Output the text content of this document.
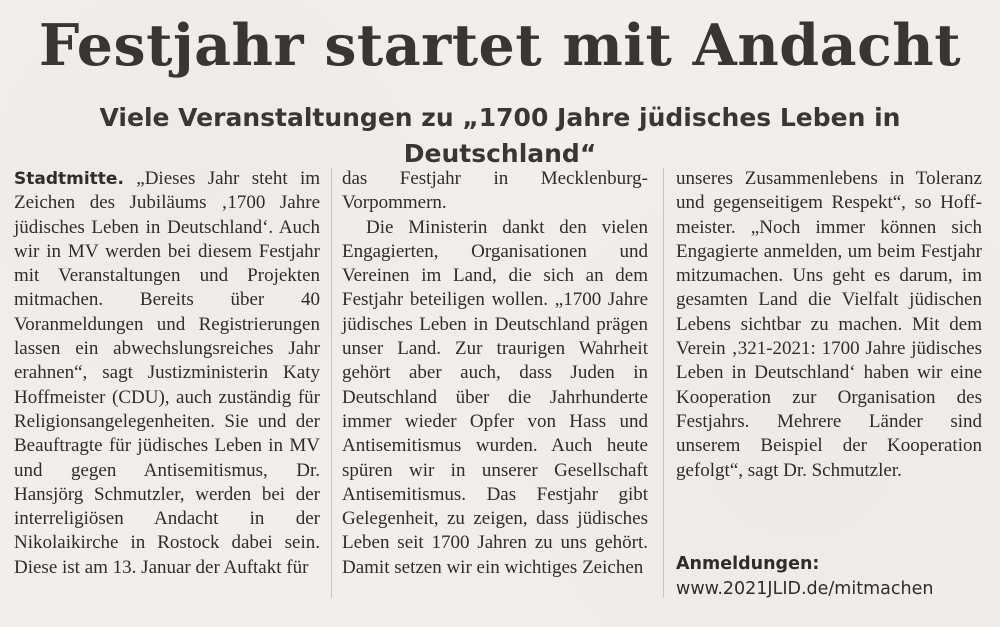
Festjahr startet mit Andacht
Viele Veranstaltungen zu „1700 Jahre jüdisches Leben in Deutschland“

Stadtmitte. „Dieses Jahr steht im Zeichen des Jubiläums ‚1700 Jahre jüdisches Leben in Deutschland‘. Auch wir in MV werden bei diesem Festjahr mit Veranstaltungen und Projekten mitmachen. Bereits über 40 Voranmeldungen und Registrierungen lassen ein abwechslungsreiches Jahr erahnen“, sagt Justizministerin Katy Hoffmeister (CDU), auch zuständig für Religionsangelegenheiten. Sie und der Beauftragte für jüdisches Leben in MV und gegen Antisemitismus, Dr. Hansjörg Schmutzler, werden bei der interreligiösen Andacht in der Nikolaikirche in Rostock dabei sein. Diese ist am 13. Januar der Auftakt für

das Festjahr in Mecklenburg-Vorpommern.

Die Ministerin dankt den vielen Engagierten, Organisationen und Vereinen im Land, die sich an dem Festjahr beteiligen wollen. „1700 Jahre jüdisches Leben in Deutschland prägen unser Land. Zur traurigen Wahrheit gehört aber auch, dass Juden in Deutschland über die Jahrhunderte immer wieder Opfer von Hass und Antisemitismus wurden. Auch heute spüren wir in unserer Gesellschaft Antisemitismus. Das Festjahr gibt Gelegenheit, zu zeigen, dass jüdisches Leben seit 1700 Jahren zu uns gehört. Damit setzen wir ein wichtiges Zeichen

unseres Zusammenlebens in Toleranz und gegenseitigem Respekt“, so Hoffmeister. „Noch immer können sich Engagierte anmelden, um beim Festjahr mitzumachen. Uns geht es darum, im gesamten Land die Vielfalt jüdischen Lebens sichtbar zu machen. Mit dem Verein ‚321-2021: 1700 Jahre jüdisches Leben in Deutschland‘ haben wir eine Kooperation zur Organisation des Festjahrs. Mehrere Länder sind unserem Beispiel der Kooperation gefolgt“, sagt Dr. Schmutzler.

Anmeldungen: www.2021JLID.de/mitmachen
